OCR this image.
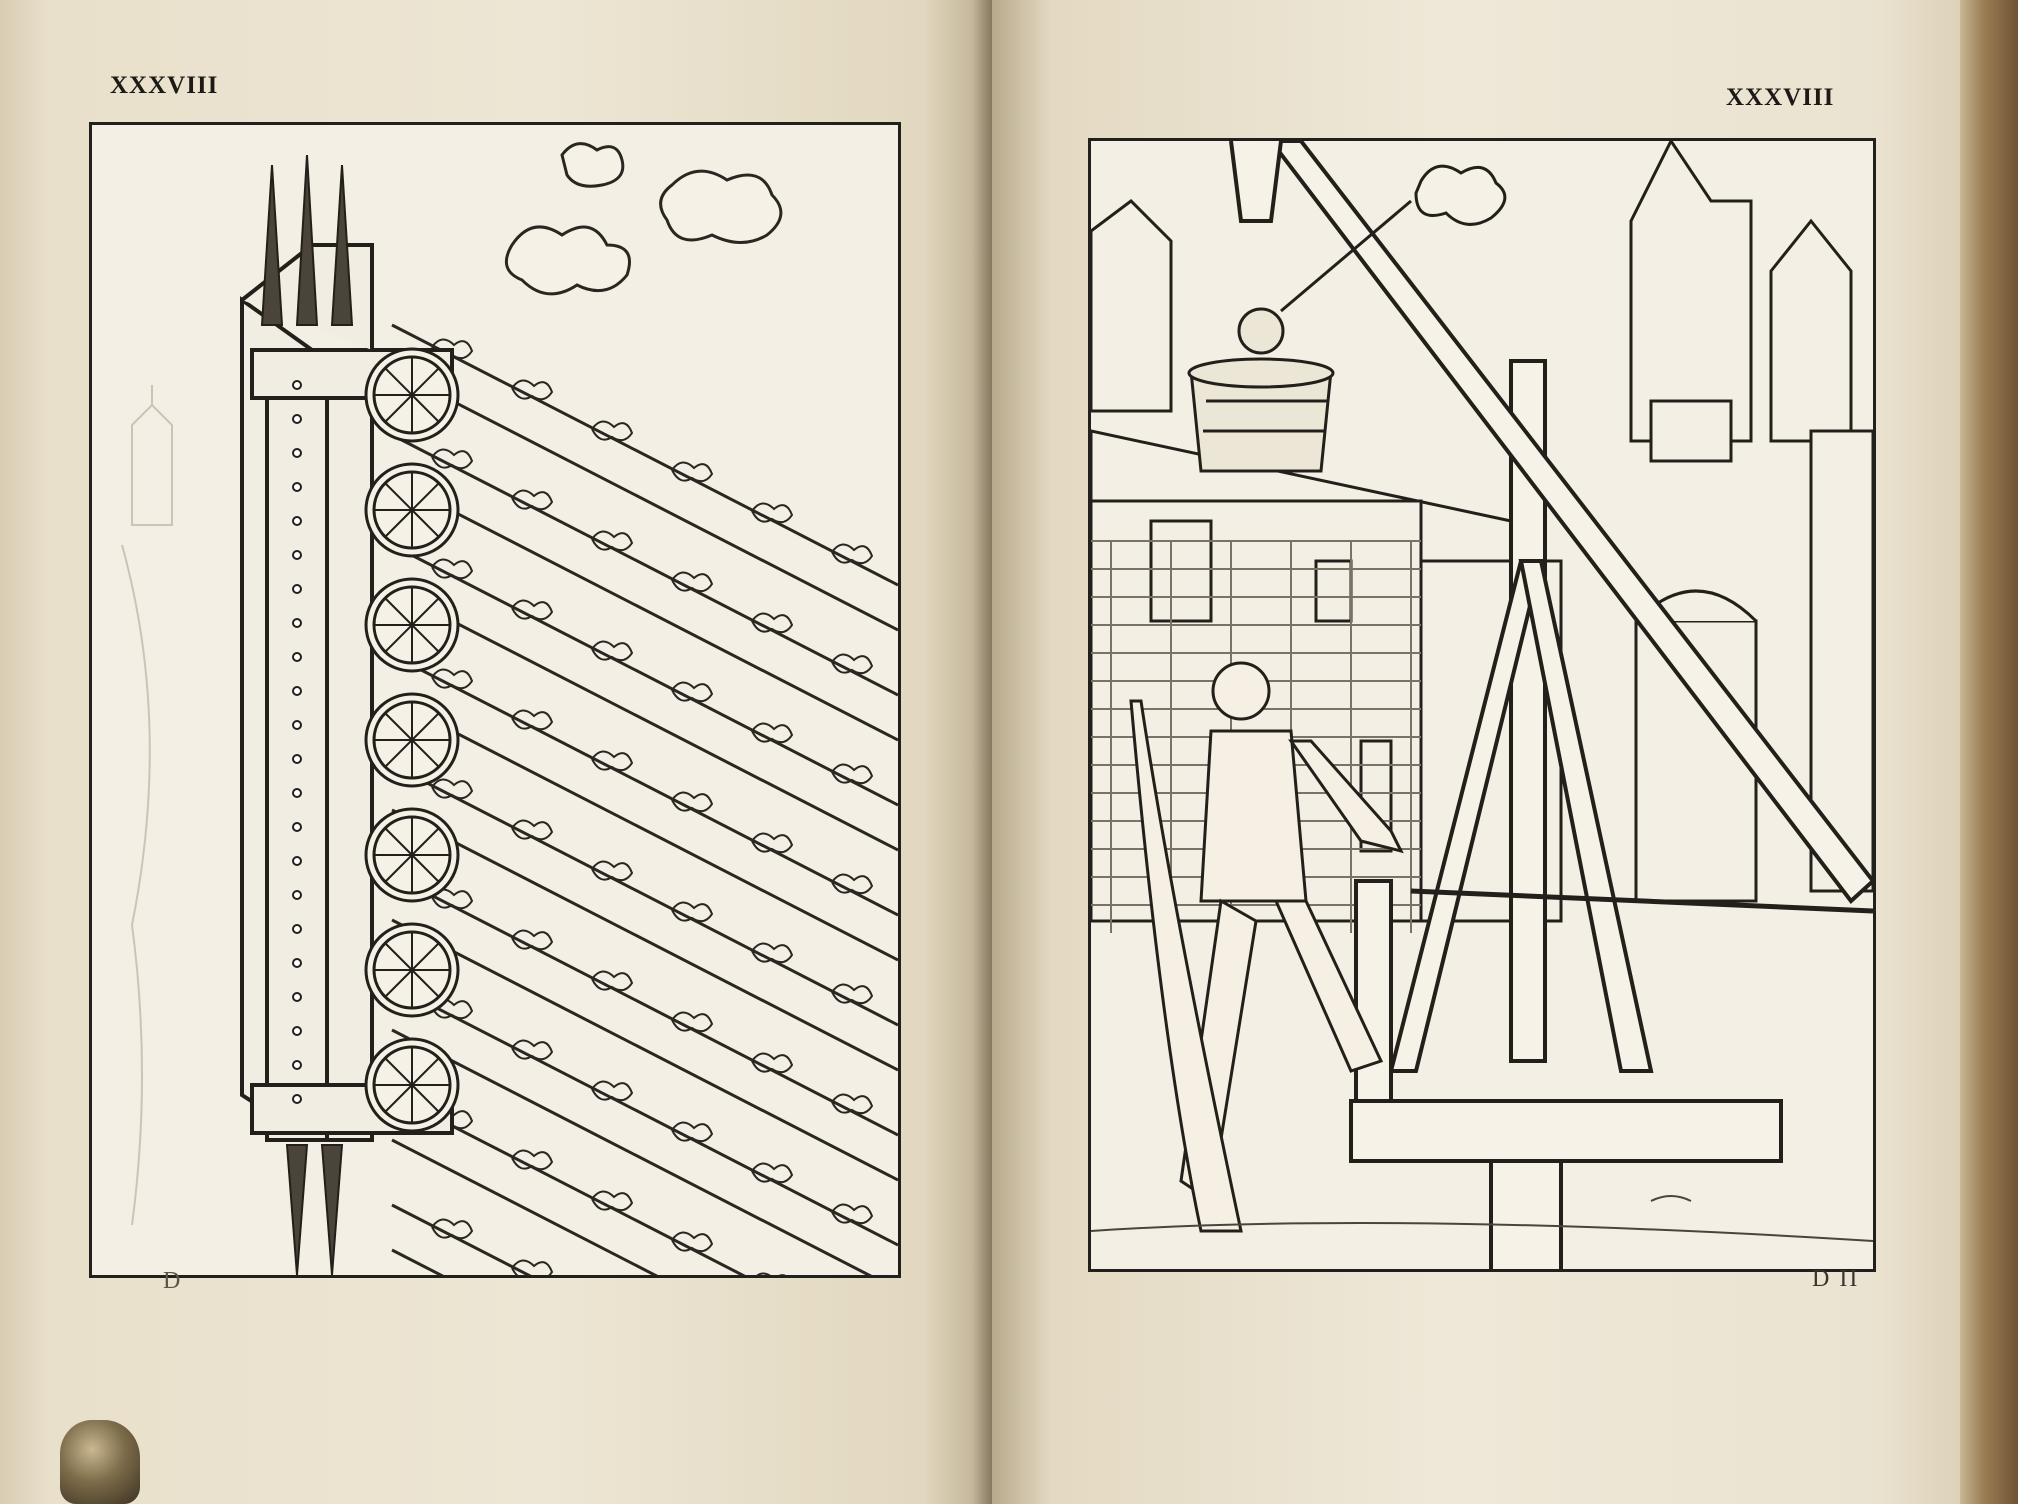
XXXVIII
D
XXXVIII
D II
